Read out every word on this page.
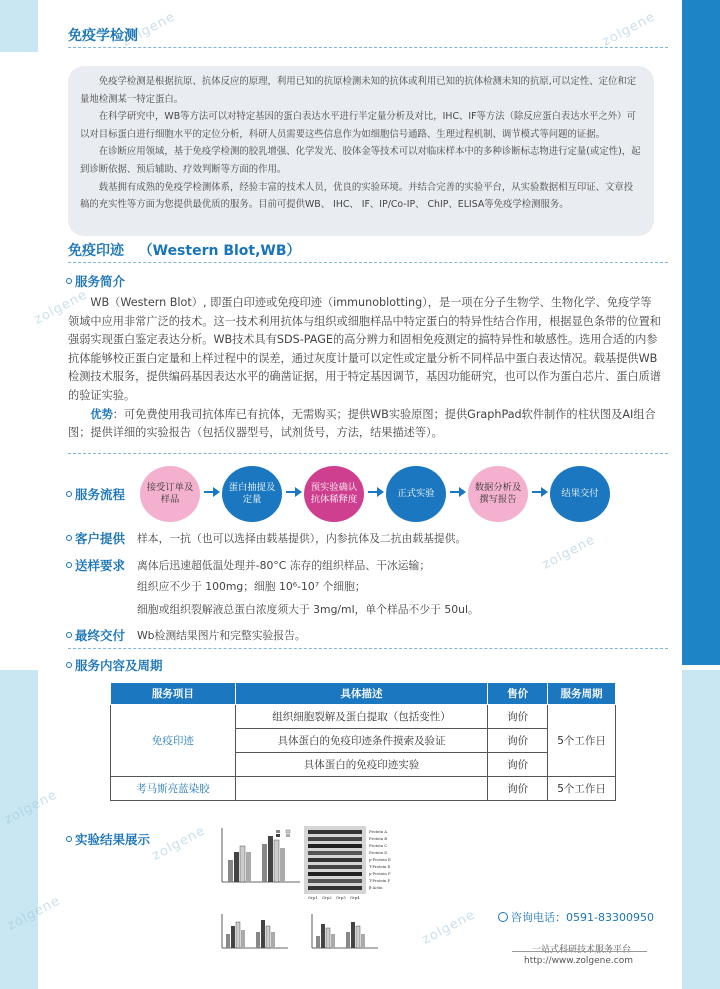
zolgene	zolgene
zolgene
zolgene
zolgene
zolgene
zolgene
zolgene
免疫学检测

免疫学检测是根据抗原、抗体反应的原理，利用已知的抗原检测未知的抗体或利用已知的抗体检测未知的抗原,可以定性、定位和定量地检测某一特定蛋白。

在科学研究中，WB等方法可以对特定基因的蛋白表达水平进行半定量分析及对比，IHC、IF等方法（除反应蛋白表达水平之外）可以对目标蛋白进行细胞水平的定位分析，科研人员需要这些信息作为如细胞信号通路、生理过程机制、调节模式等问题的证据。

在诊断应用领域，基于免疫学检测的胶乳增强、化学发光、胶体金等技术可以对临床样本中的多种诊断标志物进行定量(或定性)，起到诊断依据、预后辅助、疗效判断等方面的作用。

载基拥有成熟的免疫学检测体系，经验丰富的技术人员，优良的实验环境。并结合完善的实验平台，从实验数据相互印证、文章投稿的充实性等方面为您提供最优质的服务。目前可提供WB、 IHC、 IF、IP/Co-IP、 ChIP、ELISA等免疫学检测服务。

免疫印迹   （Western Blot,WB）
服务简介

WB（Western Blot）, 即蛋白印迹或免疫印迹（immunoblotting），是一项在分子生物学、生物化学、免疫学等领域中应用非常广泛的技术。这一技术利用抗体与组织或细胞样品中特定蛋白的特异性结合作用，根据显色条带的位置和强弱实现蛋白鉴定表达分析。WB技术具有SDS-PAGE的高分辨力和固相免疫测定的搞特异性和敏感性。选用合适的内参抗体能够校正蛋白定量和上样过程中的误差，通过灰度计量可以定性或定量分析不同样品中蛋白表达情况。载基提供WB检测技术服务，提供编码基因表达水平的确凿证据，用于特定基因调节，基因功能研究，也可以作为蛋白芯片、蛋白质谱的验证实验。

优势：可免费使用我司抗体库已有抗体，无需购买；提供WB实验原图；提供GraphPad软件制作的柱状图及AI组合图；提供详细的实验报告（包括仪器型号，试剂货号，方法，结果描述等）。

服务流程	接受订单及样品
蛋白抽提及定量
预实验确认抗体稀释度
正式实验
数据分析及撰写报告
结果交付
客户提供 样本，一抗（也可以选择由载基提供），内参抗体及二抗由载基提供。
送样要求 离体后迅速超低温处理并-80°C 冻存的组织样品、干冰运输；
组织应不少于 100mg；细胞 10⁶-10⁷ 个细胞；
细胞或组织裂解液总蛋白浓度须大于 3mg/ml，单个样品不少于 50ul。
最终交付 Wb检测结果图片和完整实验报告。
服务内容及周期
服务项目	具体描述	售价	服务周期
免疫印迹	组织细胞裂解及蛋白提取（包括变性）	询价	5个工作日
	具体蛋白的免疫印迹条件摸索及验证	询价	
	具体蛋白的免疫印迹实验	询价	
考马斯亮蓝染胶		询价	5个工作日
实验结果展示
Protein A
Protein B
Protein C
Protein D
p-Protein E
T-Protein E
p-Protein F
T-Protein F
β-Actin
Grp1 Grp2 Grp3 Grp4
咨询电话：0591-83300950
一站式科研技术服务平台
http://www.zolgene.com
